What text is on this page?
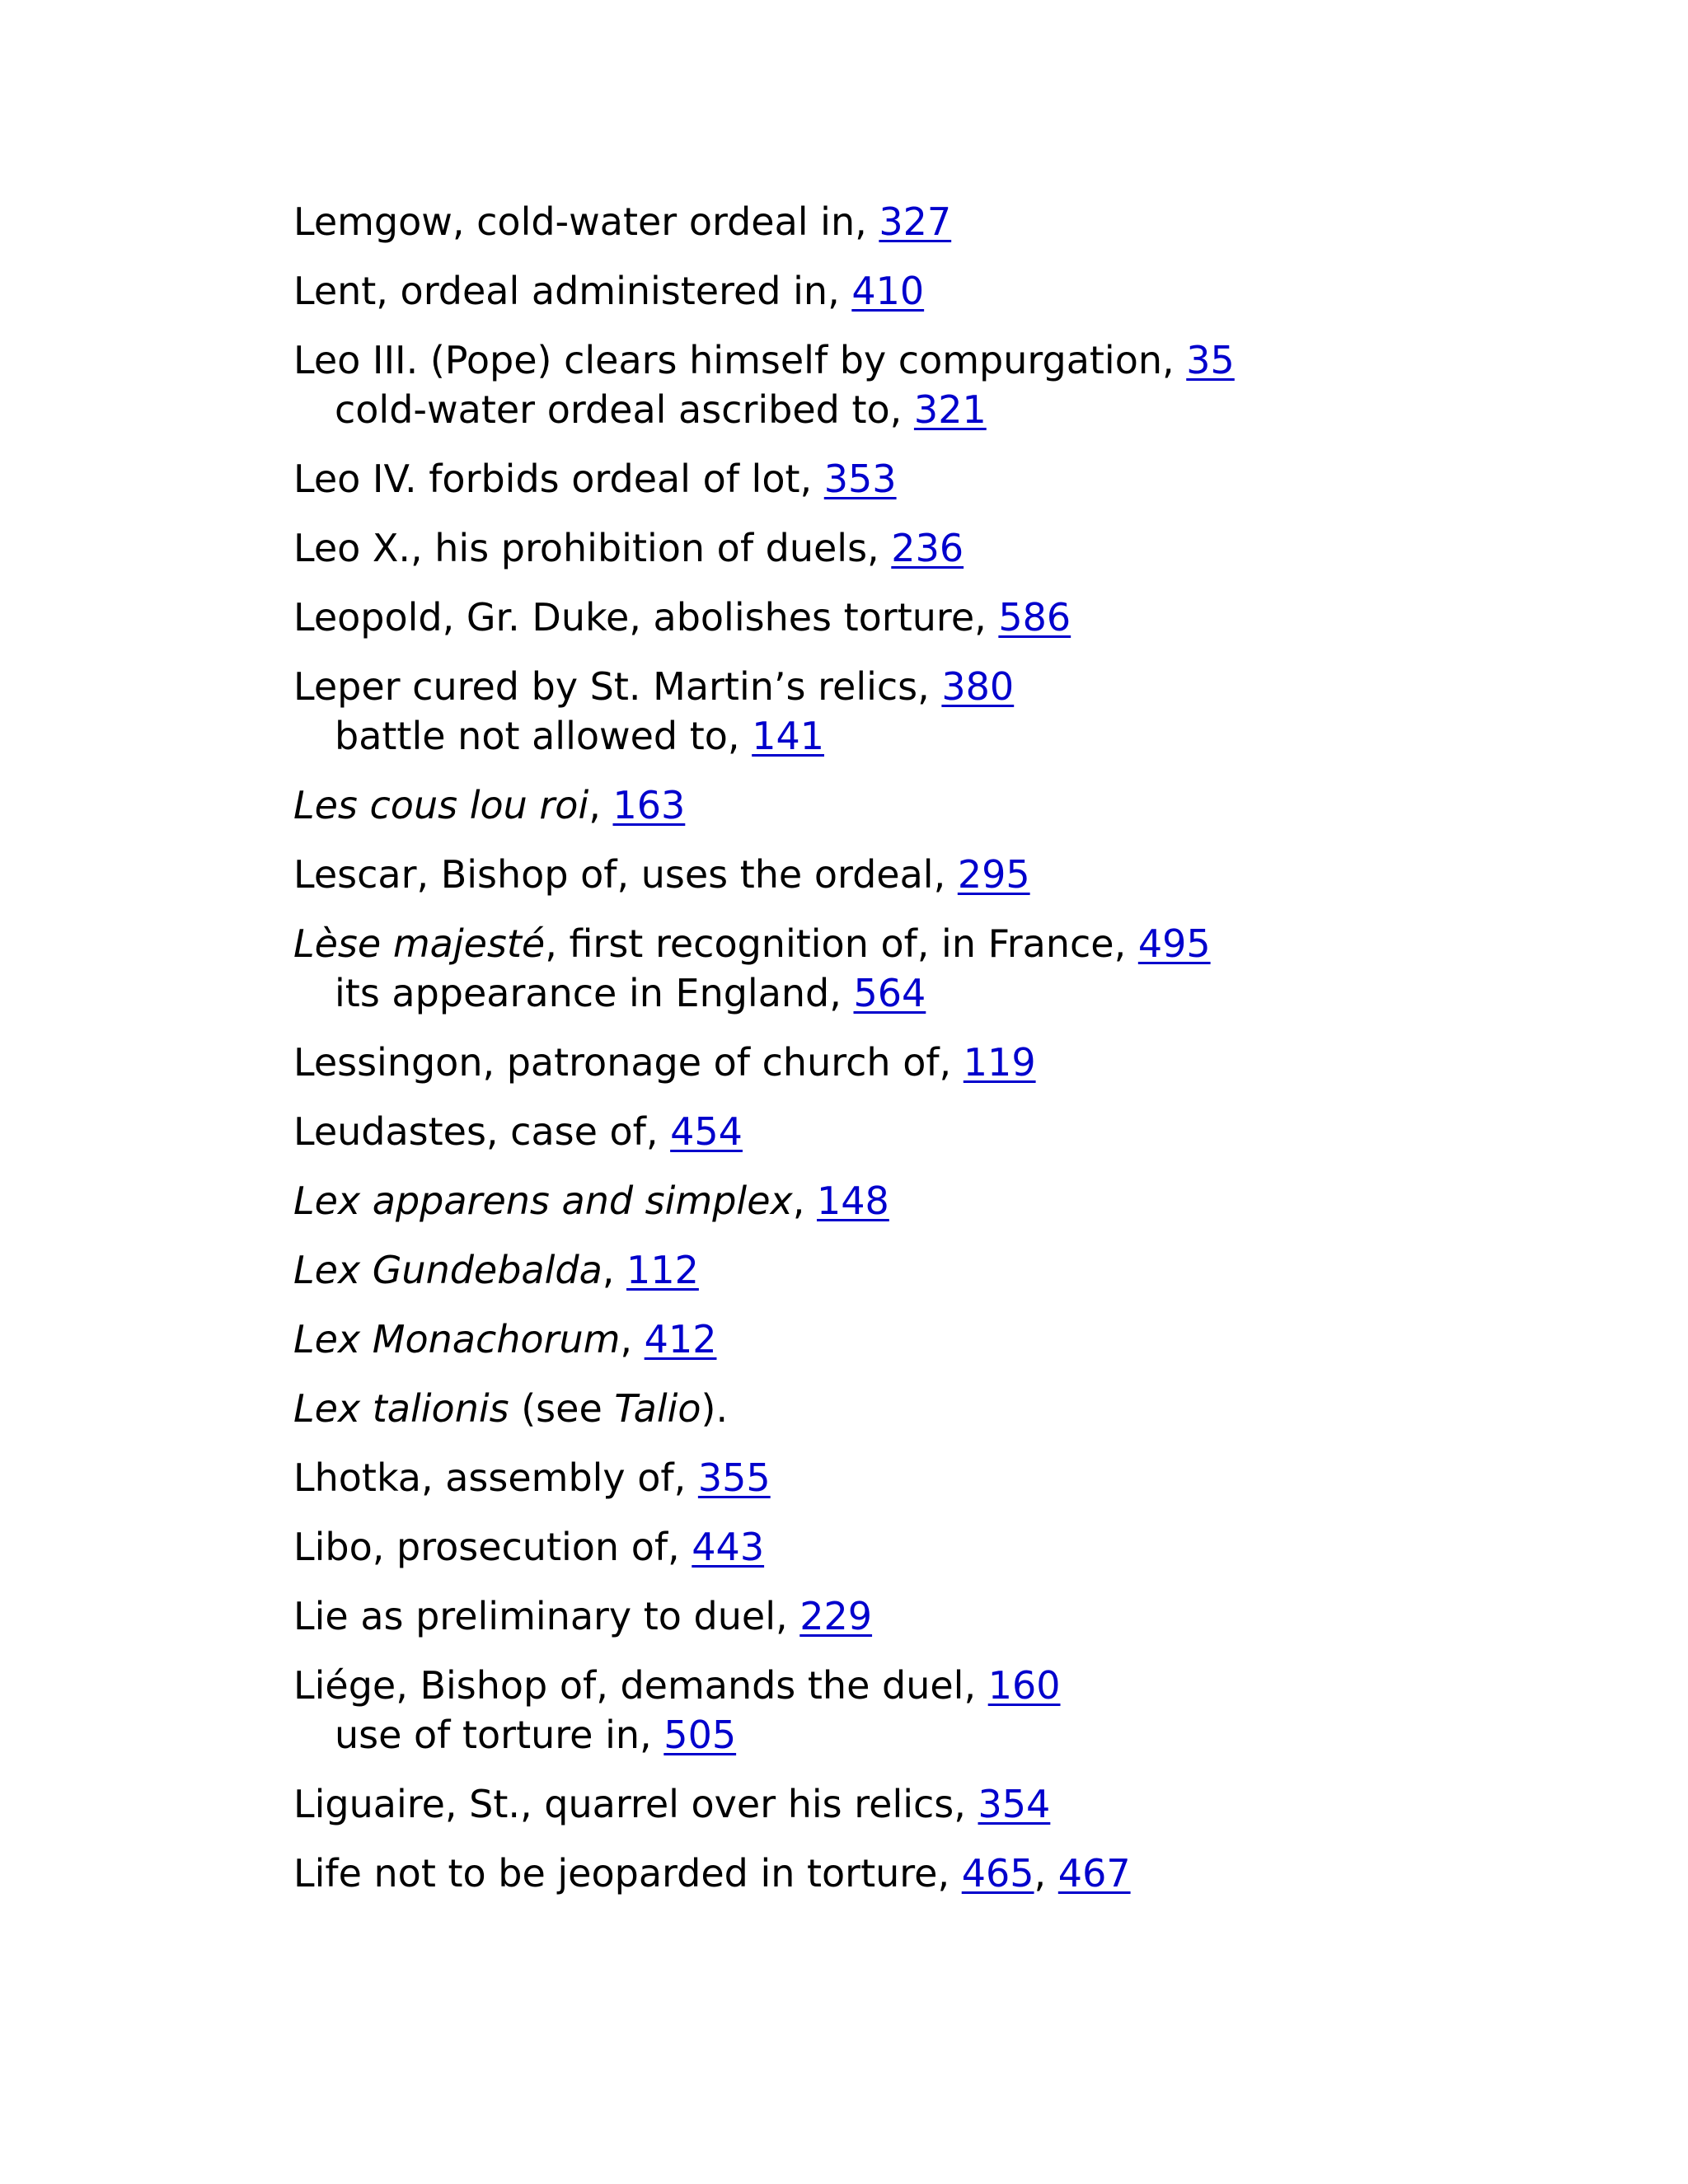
Lemgow, cold-water ordeal in, 327
Lent, ordeal administered in, 410
Leo III. (Pope) clears himself by compurgation, 35
cold-water ordeal ascribed to, 321
Leo IV. forbids ordeal of lot, 353
Leo X., his prohibition of duels, 236
Leopold, Gr. Duke, abolishes torture, 586
Leper cured by St. Martin’s relics, 380
battle not allowed to, 141
Les cous lou roi, 163
Lescar, Bishop of, uses the ordeal, 295
Lèse majesté, first recognition of, in France, 495
its appearance in England, 564
Lessingon, patronage of church of, 119
Leudastes, case of, 454
Lex apparens and simplex, 148
Lex Gundebalda, 112
Lex Monachorum, 412
Lex talionis (see Talio).
Lhotka, assembly of, 355
Libo, prosecution of, 443
Lie as preliminary to duel, 229
Liége, Bishop of, demands the duel, 160
use of torture in, 505
Liguaire, St., quarrel over his relics, 354
Life not to be jeoparded in torture, 465, 467
